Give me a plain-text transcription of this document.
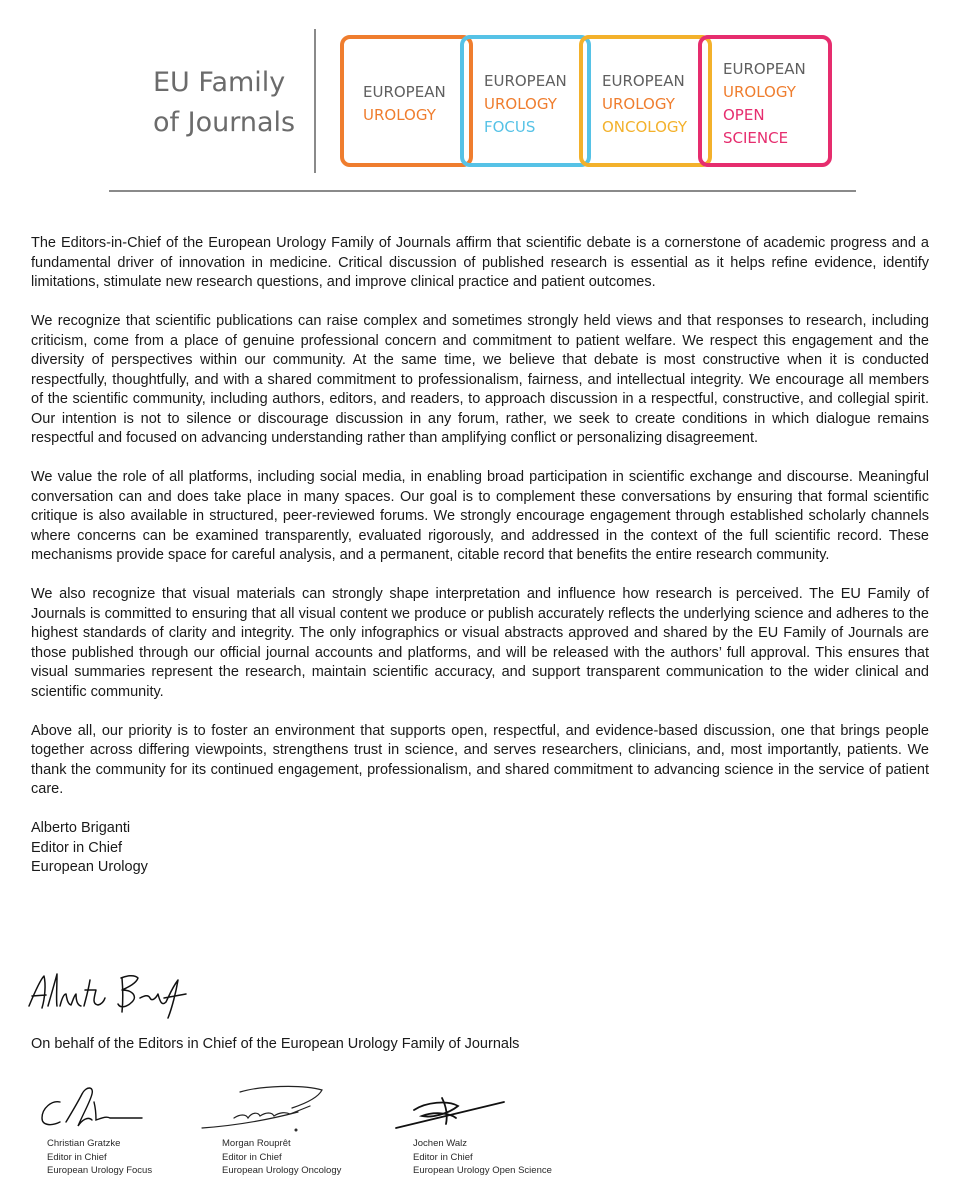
EU Family
of Journals
EUROPEAN
UROLOGY
EUROPEAN
UROLOGY
FOCUS
EUROPEAN
UROLOGY
ONCOLOGY
EUROPEAN
UROLOGY
OPEN
SCIENCE

The Editors-in-Chief of the European Urology Family of Journals affirm that scientific debate is a cornerstone of academic progress and a fundamental driver of innovation in medicine. Critical discussion of published research is essential as it helps refine evidence, identify limitations, stimulate new research questions, and improve clinical practice and patient outcomes.

We recognize that scientific publications can raise complex and sometimes strongly held views and that responses to research, including criticism, come from a place of genuine professional concern and commitment to patient welfare. We respect this engagement and the diversity of perspectives within our community. At the same time, we believe that debate is most constructive when it is conducted respectfully, thoughtfully, and with a shared commitment to professionalism, fairness, and intellectual integrity. We encourage all members of the scientific community, including authors, editors, and readers, to approach discussion in a respectful, constructive, and collegial spirit. Our intention is not to silence or discourage discussion in any forum, rather, we seek to create conditions in which dialogue remains respectful and focused on advancing understanding rather than amplifying conflict or personalizing disagreement.

We value the role of all platforms, including social media, in enabling broad participation in scientific exchange and discourse. Meaningful conversation can and does take place in many spaces. Our goal is to complement these conversations by ensuring that formal scientific critique is also available in structured, peer-reviewed forums. We strongly encourage engagement through established scholarly channels where concerns can be examined transparently, evaluated rigorously, and addressed in the context of the full scientific record. These mechanisms provide space for careful analysis, and a permanent, citable record that benefits the entire research community.

We also recognize that visual materials can strongly shape interpretation and influence how research is perceived. The EU Family of Journals is committed to ensuring that all visual content we produce or publish accurately reflects the underlying science and adheres to the highest standards of clarity and integrity. The only infographics or visual abstracts approved and shared by the EU Family of Journals are those published through our official journal accounts and platforms, and will be released with the authors’ full approval. This ensures that visual summaries represent the research, maintain scientific accuracy, and support transparent communication to the wider clinical and scientific community.

Above all, our priority is to foster an environment that supports open, respectful, and evidence-based discussion, one that brings people together across differing viewpoints, strengthens trust in science, and serves researchers, clinicians, and, most importantly, patients. We thank the community for its continued engagement, professionalism, and shared commitment to advancing science in the service of patient care.

Alberto Briganti
Editor in Chief
European Urology
On behalf of the Editors in Chief of the European Urology Family of Journals
Christian Gratzke
Editor in Chief
European Urology Focus
Morgan Rouprêt
Editor in Chief
European Urology Oncology
Jochen Walz
Editor in Chief
European Urology Open Science
